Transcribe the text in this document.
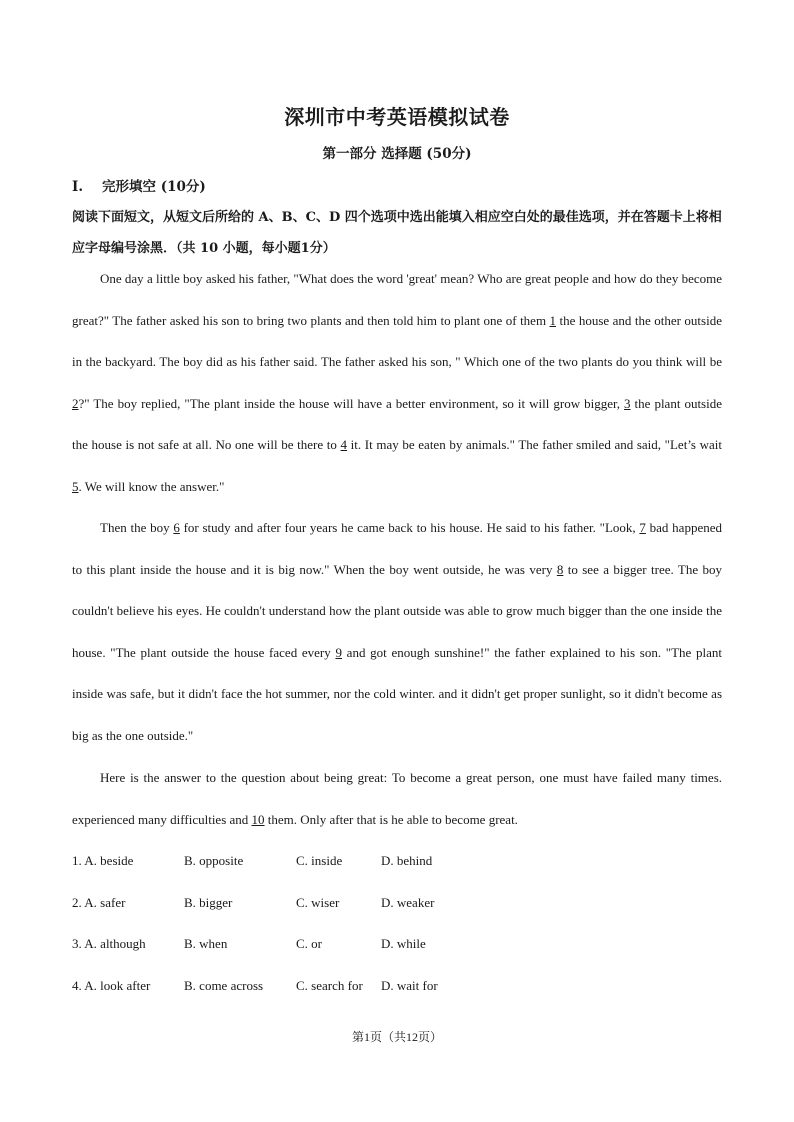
深圳市中考英语模拟试卷
第一部分 选择题 (50分)
I. 完形填空 (10分)
阅读下面短文，从短文后所给的 A、B、C、D 四个选项中选出能填入相应空白处的最佳选项，并在答题卡上将相应字母编号涂黑．（共 10 小题，每小题1分）
One day a little boy asked his father, "What does the word 'great' mean? Who are great people and how do they become great?" The father asked his son to bring two plants and then told him to plant one of them 1 the house and the other outside in the backyard. The boy did as his father said. The father asked his son, " Which one of the two plants do you think will be 2?" The boy replied, "The plant inside the house will have a better environment, so it will grow bigger, 3 the plant outside the house is not safe at all. No one will be there to 4 it. It may be eaten by animals." The father smiled and said, "Let’s wait 5. We will know the answer."
Then the boy 6 for study and after four years he came back to his house. He said to his father. "Look, 7 bad happened to this plant inside the house and it is big now." When the boy went outside, he was very 8 to see a bigger tree. The boy couldn't believe his eyes. He couldn't understand how the plant outside was able to grow much bigger than the one inside the house. "The plant outside the house faced every 9 and got enough sunshine!" the father explained to his son. "The plant inside was safe, but it didn't face the hot summer, nor the cold winter. and it didn't get proper sunlight, so it didn't become as big as the one outside."
Here is the answer to the question about being great: To become a great person, one must have failed many times. experienced many difficulties and 10 them. Only after that is he able to become great.
1. A. beside	B. opposite	C. inside	D. behind
2. A. safer	B. bigger	C. wiser	D. weaker
3. A. although	B. when	C. or	D. while
4. A. look after	B. come across	C. search for	D. wait for
第1页（共12页）
